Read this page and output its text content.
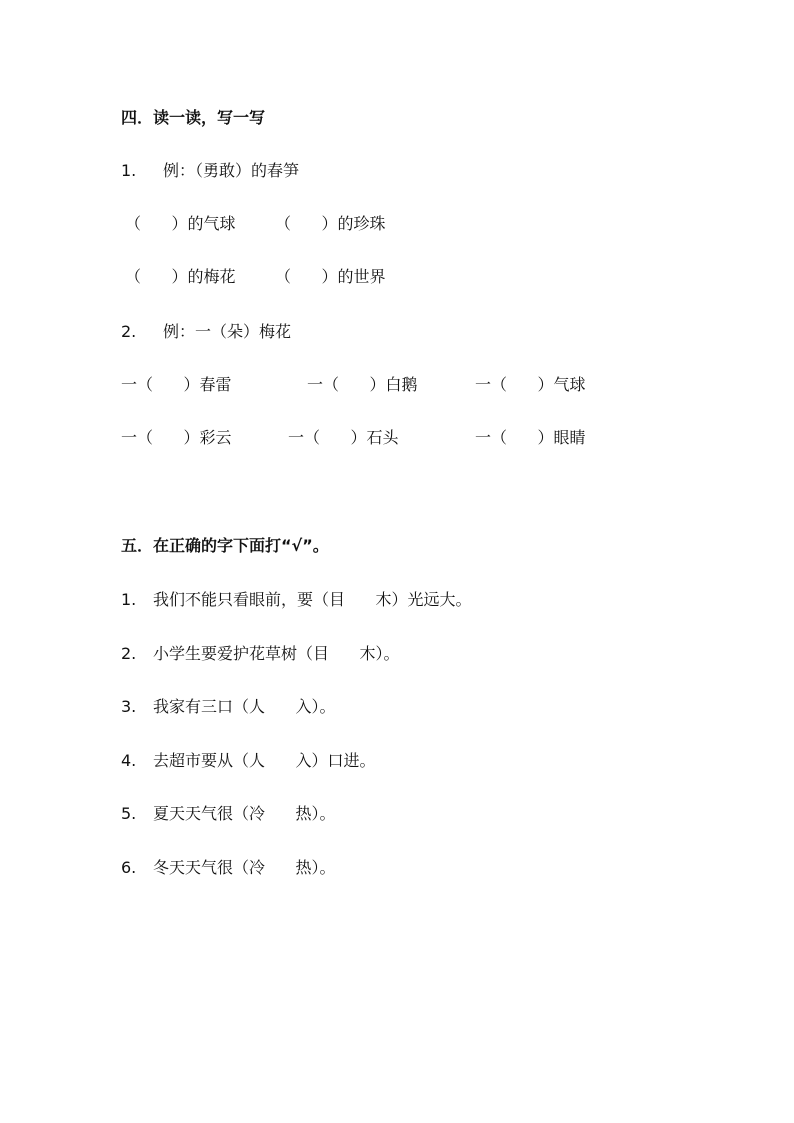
四．读一读，写一写

1.

例：（勇敢）的春笋

（      ）的气球

（      ）的珍珠

（      ）的梅花

（      ）的世界

2.

例：一（朵）梅花

一（      ）春雷

	一（      ）白鹅

	一（      ）气球

一（      ）彩云

	一（      ）石头

	一（      ）眼睛

五．在正确的字下面打“√”。

1.

我们不能只看眼前，要（目      木）光远大。

2.

小学生要爱护花草树（目      木）。

3.

我家有三口（人      入）。

4.

去超市要从（人      入）口进。

5.

夏天天气很（冷      热）。

6.

冬天天气很（冷      热）。
